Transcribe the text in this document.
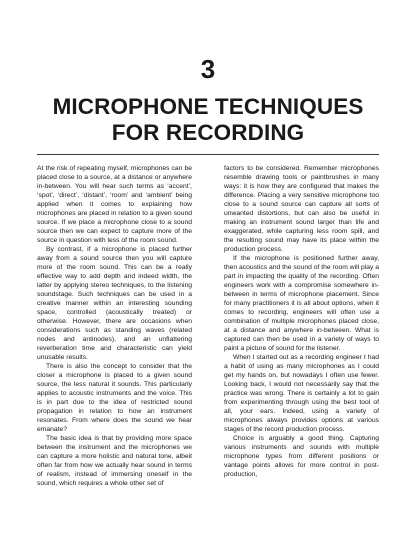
3
MICROPHONE TECHNIQUES
FOR RECORDING

At the risk of repeating myself, microphones can be placed close to a source, at a distance or anywhere in-between. You will hear such terms as ‘accent’, ‘spot’, ‘direct’, ‘distant’, ‘room’ and ‘ambient’ being applied when it comes to explaining how microphones are placed in relation to a given sound source. If we place a microphone close to a sound source then we can expect to capture more of the source in question with less of the room sound.

By contrast, if a microphone is placed further away from a sound source then you will capture more of the room sound. This can be a really effective way to add depth and indeed width, the latter by applying stereo techniques, to the listening soundstage. Such techniques can be used in a creative manner within an interesting sounding space, controlled (acoustically treated) or otherwise. However, there are occasions when considerations such as standing waves (related nodes and antinodes), and an unflattering reverberation time and characteristic can yield unusable results.

There is also the concept to consider that the closer a microphone is placed to a given sound source, the less natural it sounds. This particularly applies to acoustic instruments and the voice. This is in part due to the idea of restricted sound propagation in relation to how an instrument resonates. From where does the sound we hear emanate?

The basic idea is that by providing more space between the instrument and the microphones we can capture a more holistic and natural tone, albeit often far from how we actually hear sound in terms of realism, instead of immersing oneself in the sound, which requires a whole other set of

factors to be considered. Remember microphones resemble drawing tools or paintbrushes in many ways: it is how they are configured that makes the difference. Placing a very sensitive microphone too close to a sound source can capture all sorts of unwanted distortions, but can also be useful in making an instrument sound larger than life and exaggerated, while capturing less room spill, and the resulting sound may have its place within the production process.

If the microphone is positioned further away, then acoustics and the sound of the room will play a part in impacting the quality of the recording. Often engineers work with a compromise somewhere in-between in terms of microphone placement. Since for many practitioners it is all about options, when it comes to recording, engineers will often use a combination of multiple microphones placed close, at a distance and anywhere in-between. What is captured can then be used in a variety of ways to paint a picture of sound for the listener.

When I started out as a recording engineer I had a habit of using as many microphones as I could get my hands on, but nowadays I often use fewer. Looking back, I would not necessarily say that the practice was wrong. There is certainly a lot to gain from experimenting through using the best tool of all, your ears. Indeed, using a variety of microphones always provides options at various stages of the record production process.

Choice is arguably a good thing. Capturing various instruments and sounds with multiple microphone types from different positions or vantage points allows for more control in post-production,
